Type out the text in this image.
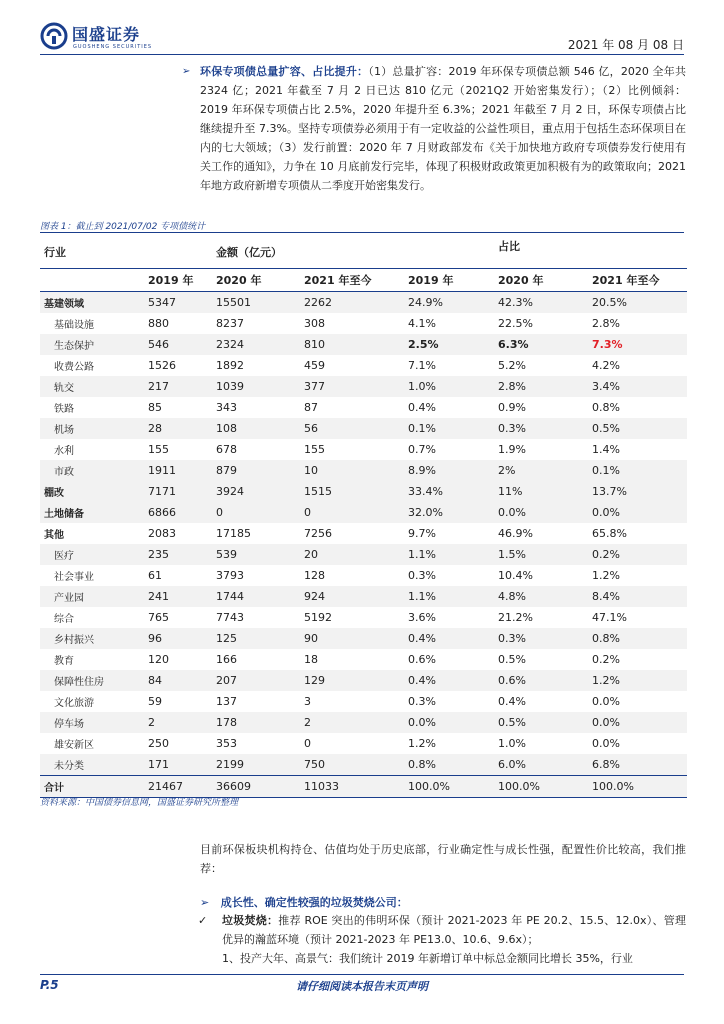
国盛证券
GUOSHENG SECURITIES	2021 年 08 月 08 日
➢ 环保专项债总量扩容、占比提升：（1）总量扩容：2019 年环保专项债总额 546 亿，2020 全年共 2324 亿；2021 年截至 7 月 2 日已达 810 亿元（2021Q2 开始密集发行）；（2）比例倾斜：2019 年环保专项债占比 2.5%，2020 年提升至 6.3%；2021 年截至 7 月 2 日，环保专项债占比继续提升至 7.3%。坚持专项债券必须用于有一定收益的公益性项目，重点用于包括生态环保项目在内的七大领域；（3）发行前置：2020 年 7 月财政部发布《关于加快地方政府专项债券发行使用有关工作的通知》，力争在 10 月底前发行完毕，体现了积极财政政策更加积极有为的政策取向；2021 年地方政府新增专项债从二季度开始密集发行。
图表 1：截止到 2021/07/02 专项债统计
行业		金额（亿元）			占比	
	2019 年	2020 年	2021 年至今	2019 年	2020 年	2021 年至今
基建领域	5347	15501	2262	24.9%	42.3%	20.5%
基础设施	880	8237	308	4.1%	22.5%	2.8%
生态保护	546	2324	810	2.5%	6.3%	7.3%
收费公路	1526	1892	459	7.1%	5.2%	4.2%
轨交	217	1039	377	1.0%	2.8%	3.4%
铁路	85	343	87	0.4%	0.9%	0.8%
机场	28	108	56	0.1%	0.3%	0.5%
水利	155	678	155	0.7%	1.9%	1.4%
市政	1911	879	10	8.9%	2%	0.1%
棚改	7171	3924	1515	33.4%	11%	13.7%
土地储备	6866	0	0	32.0%	0.0%	0.0%
其他	2083	17185	7256	9.7%	46.9%	65.8%
医疗	235	539	20	1.1%	1.5%	0.2%
社会事业	61	3793	128	0.3%	10.4%	1.2%
产业园	241	1744	924	1.1%	4.8%	8.4%
综合	765	7743	5192	3.6%	21.2%	47.1%
乡村振兴	96	125	90	0.4%	0.3%	0.8%
教育	120	166	18	0.6%	0.5%	0.2%
保障性住房	84	207	129	0.4%	0.6%	1.2%
文化旅游	59	137	3	0.3%	0.4%	0.0%
停车场	2	178	2	0.0%	0.5%	0.0%
雄安新区	250	353	0	1.2%	1.0%	0.0%
未分类	171	2199	750	0.8%	6.0%	6.8%
合计	21467	36609	11033	100.0%	100.0%	100.0%
资料来源：中国债券信息网，国盛证券研究所整理
目前环保板块机构持仓、估值均处于历史底部，行业确定性与成长性强，配置性价比较高，我们推荐：
➢ 成长性、确定性较强的垃圾焚烧公司：
✓	垃圾焚烧：推荐 ROE 突出的伟明环保（预计 2021-2023 年 PE 20.2、15.5、12.0x）、管理优异的瀚蓝环境（预计 2021-2023 年 PE13.0、10.6、9.6x）；
1、投产大年、高景气：我们统计 2019 年新增订单中标总金额同比增长 35%，行业
P.5	请仔细阅读本报告末页声明
